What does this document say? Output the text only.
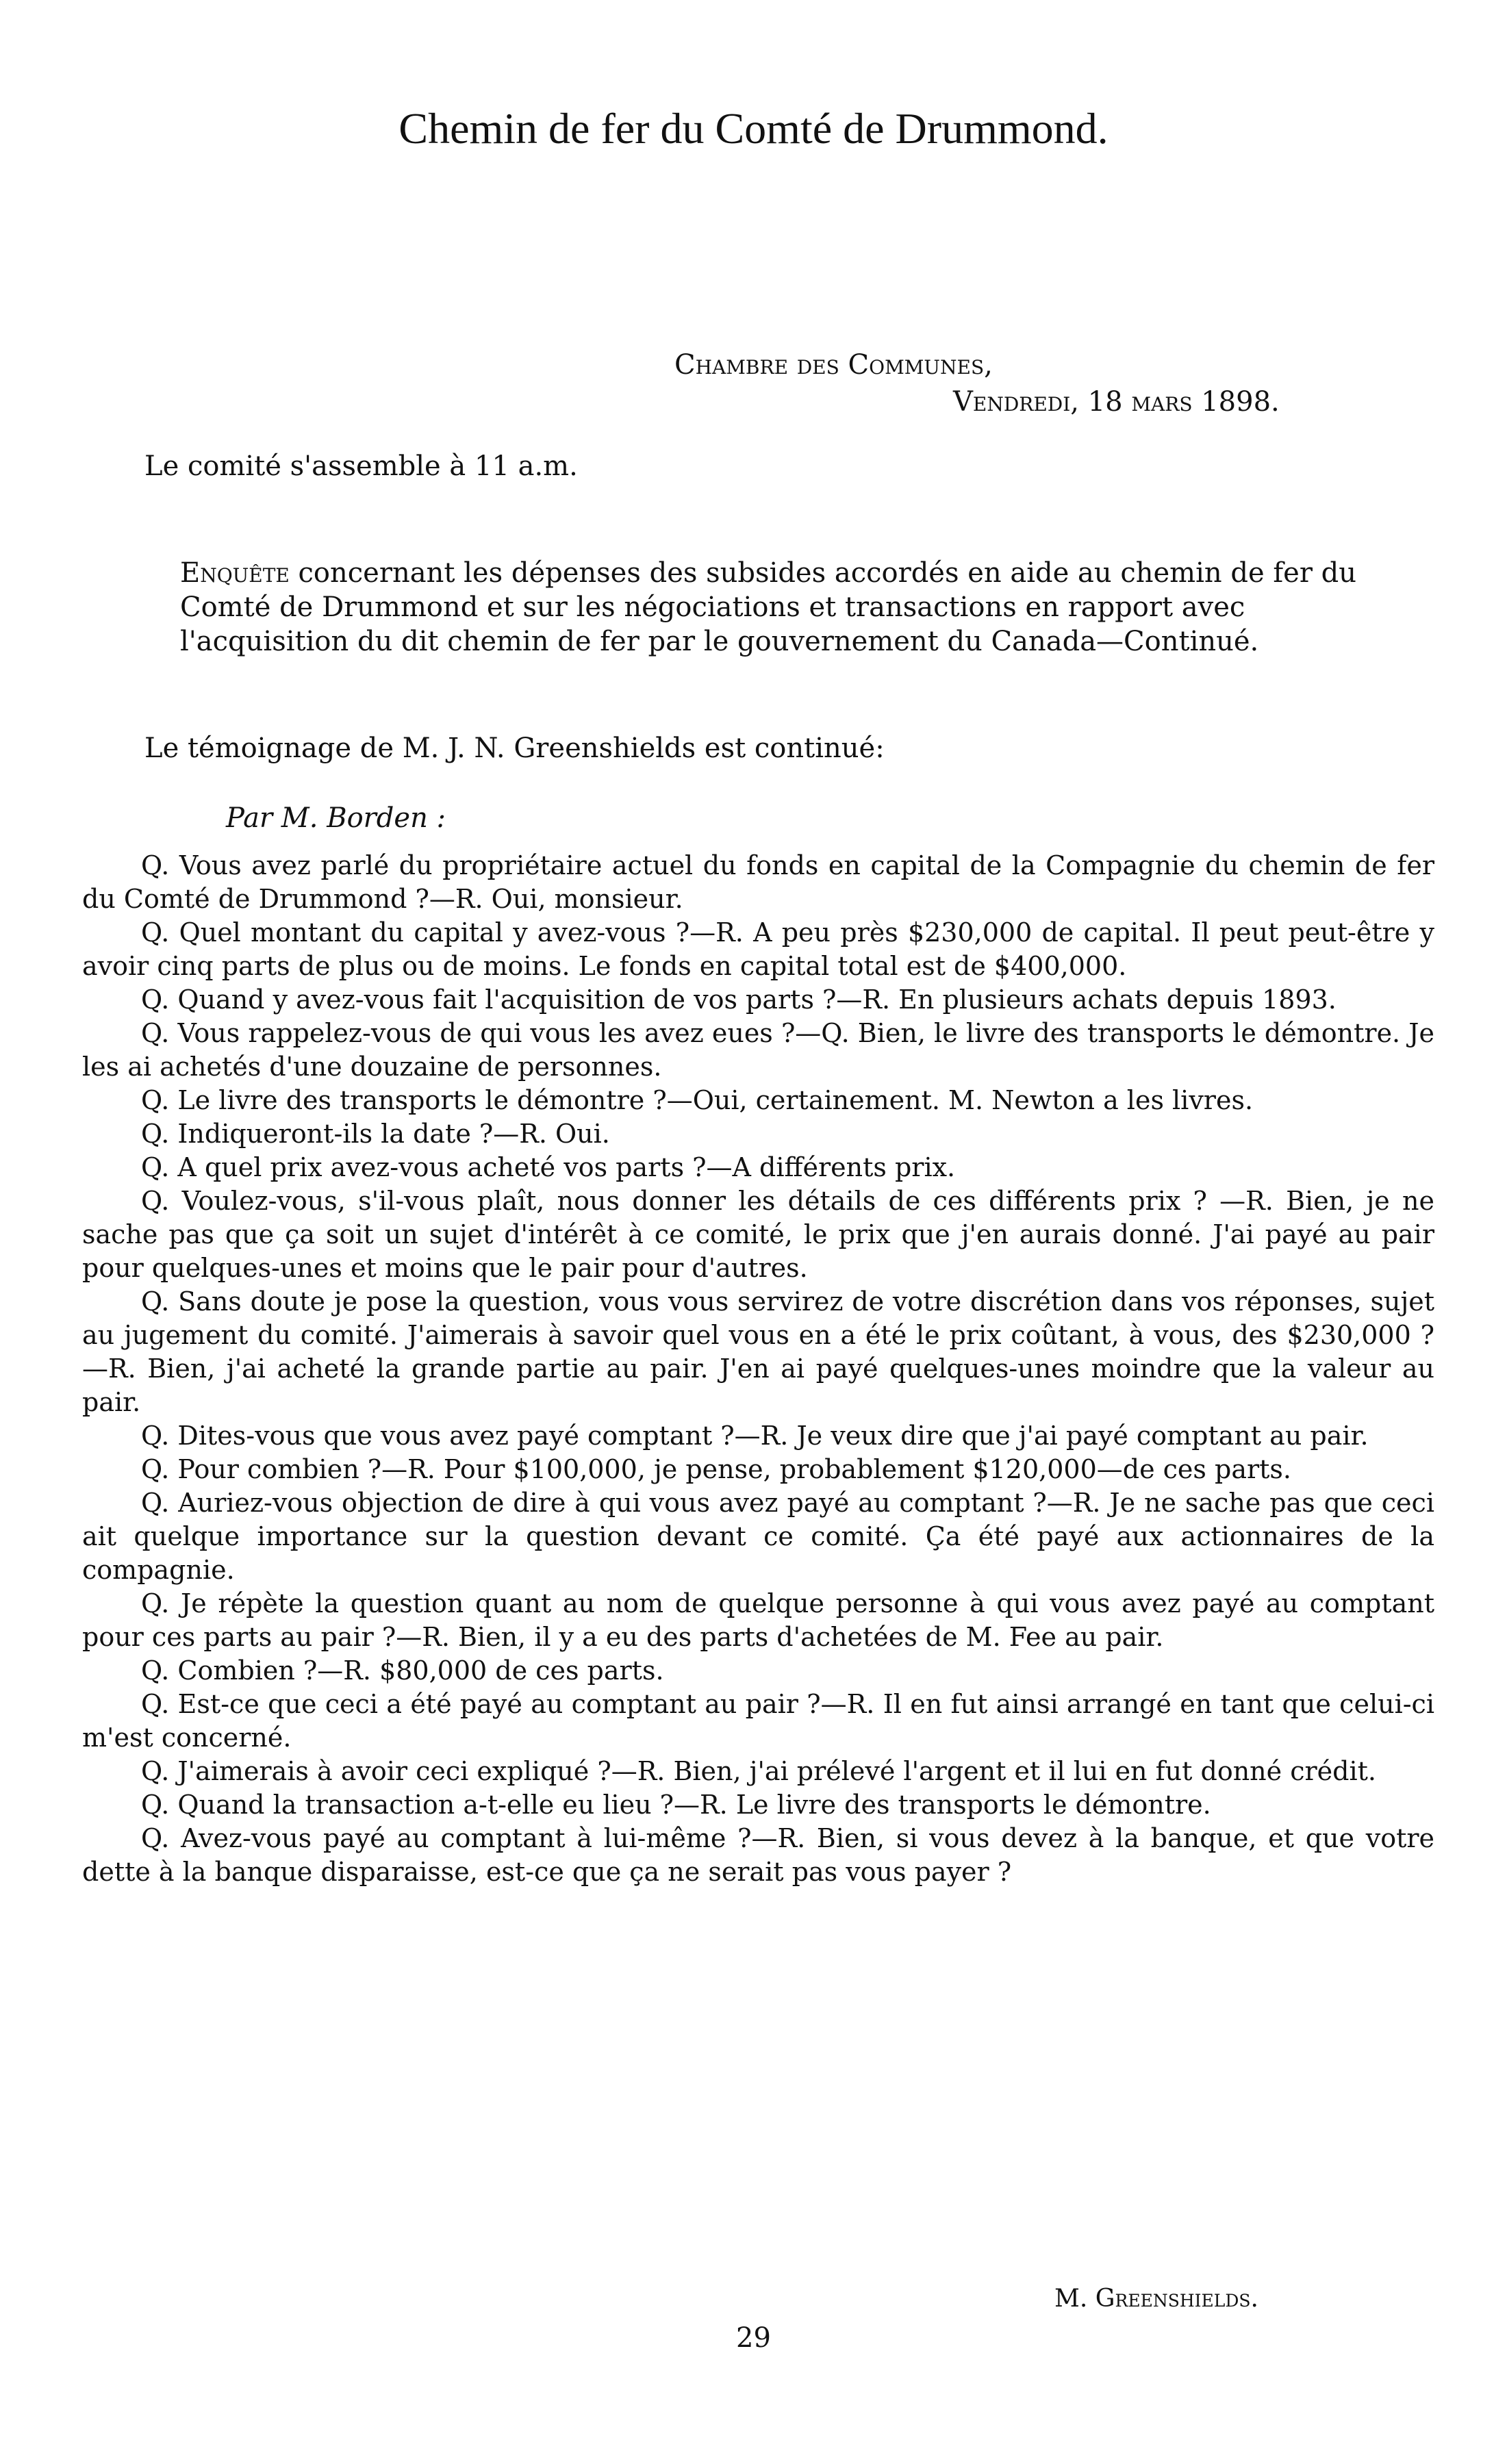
Chemin de fer du Comté de Drummond.

Chambre des Communes,

Vendredi, 18 mars 1898.

Le comité s'assemble à 11 a.m.

Enquête concernant les dépenses des subsides accordés en aide au chemin de fer du
Comté de Drummond et sur les négociations et transactions en rapport avec
l'acquisition du dit chemin de fer par le gouvernement du Canada—Continué.

Le témoignage de M. J. N. Greenshields est continué:

Par M. Borden :

Q. Vous avez parlé du propriétaire actuel du fonds en capital de la Compagnie du chemin de fer du Comté de Drummond ?—R. Oui, monsieur.

Q. Quel montant du capital y avez-vous ?—R. A peu près $230,000 de capital. Il peut peut-être y avoir cinq parts de plus ou de moins. Le fonds en capital total est de $400,000.

Q. Quand y avez-vous fait l'acquisition de vos parts ?—R. En plusieurs achats depuis 1893.

Q. Vous rappelez-vous de qui vous les avez eues ?—Q. Bien, le livre des transports le démontre. Je les ai achetés d'une douzaine de personnes.

Q. Le livre des transports le démontre ?—Oui, certainement. M. Newton a les livres.

Q. Indiqueront-ils la date ?—R. Oui.

Q. A quel prix avez-vous acheté vos parts ?—A différents prix.

Q. Voulez-vous, s'il-vous plaît, nous donner les détails de ces différents prix ? —R. Bien, je ne sache pas que ça soit un sujet d'intérêt à ce comité, le prix que j'en aurais donné. J'ai payé au pair pour quelques-unes et moins que le pair pour d'autres.

Q. Sans doute je pose la question, vous vous servirez de votre discrétion dans vos réponses, sujet au jugement du comité. J'aimerais à savoir quel vous en a été le prix coûtant, à vous, des $230,000 ?—R. Bien, j'ai acheté la grande partie au pair. J'en ai payé quelques-unes moindre que la valeur au pair.

Q. Dites-vous que vous avez payé comptant ?—R. Je veux dire que j'ai payé comptant au pair.

Q. Pour combien ?—R. Pour $100,000, je pense, probablement $120,000—de ces parts.

Q. Auriez-vous objection de dire à qui vous avez payé au comptant ?—R. Je ne sache pas que ceci ait quelque importance sur la question devant ce comité. Ça été payé aux actionnaires de la compagnie.

Q. Je répète la question quant au nom de quelque personne à qui vous avez payé au comptant pour ces parts au pair ?—R. Bien, il y a eu des parts d'achetées de M. Fee au pair.

Q. Combien ?—R. $80,000 de ces parts.

Q. Est-ce que ceci a été payé au comptant au pair ?—R. Il en fut ainsi arrangé en tant que celui-ci m'est concerné.

Q. J'aimerais à avoir ceci expliqué ?—R. Bien, j'ai prélevé l'argent et il lui en fut donné crédit.

Q. Quand la transaction a-t-elle eu lieu ?—R. Le livre des transports le démontre.

Q. Avez-vous payé au comptant à lui-même ?—R. Bien, si vous devez à la banque, et que votre dette à la banque disparaisse, est-ce que ça ne serait pas vous payer ?

M. Greenshields.

29
